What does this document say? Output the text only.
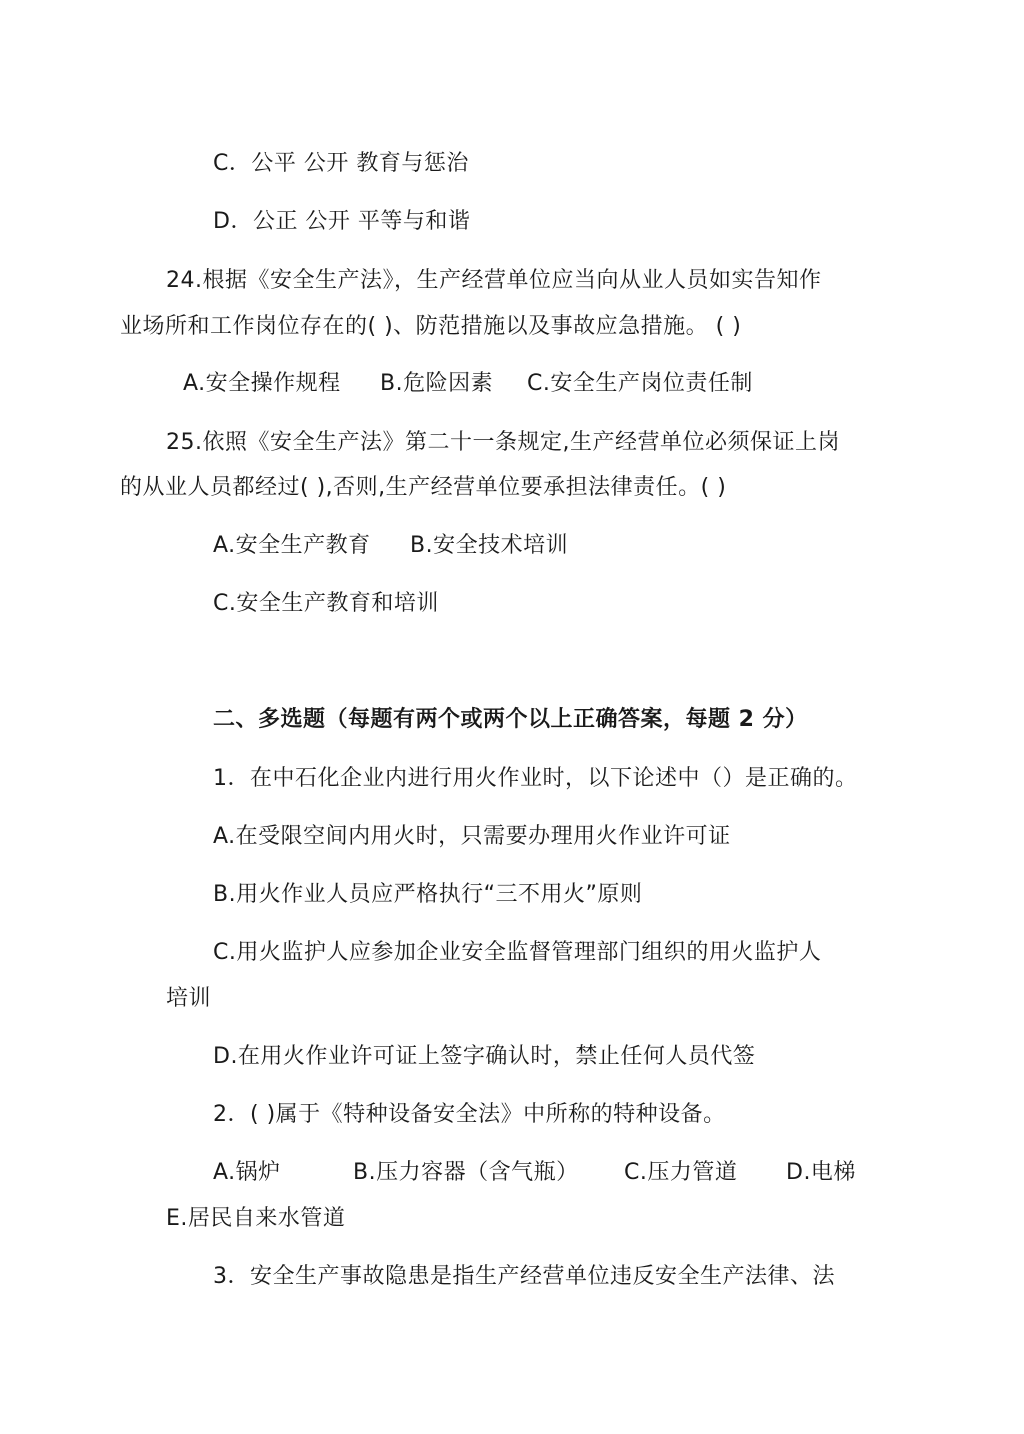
C．公平 公开 教育与惩治
D．公正 公开 平等与和谐
24.根据《安全生产法》，生产经营单位应当向从业人员如实告知作
业场所和工作岗位存在的( )、防范措施以及事故应急措施。 ( )
A.安全操作规程 B.危险因素 C.安全生产岗位责任制
25.依照《安全生产法》第二十一条规定,生产经营单位必须保证上岗
的从业人员都经过( ),否则,生产经营单位要承担法律责任。( )
A.安全生产教育 B.安全技术培训
C.安全生产教育和培训
二、多选题（每题有两个或两个以上正确答案，每题 2 分）
1．在中石化企业内进行用火作业时，以下论述中（）是正确的。
A.在受限空间内用火时，只需要办理用火作业许可证
B.用火作业人员应严格执行“三不用火”原则
C.用火监护人应参加企业安全监督管理部门组织的用火监护人
培训
D.在用火作业许可证上签字确认时，禁止任何人员代签
2．( )属于《特种设备安全法》中所称的特种设备。
A.锅炉	B.压力容器（含气瓶） C.压力管道 D.电梯
E.居民自来水管道
3．安全生产事故隐患是指生产经营单位违反安全生产法律、法
